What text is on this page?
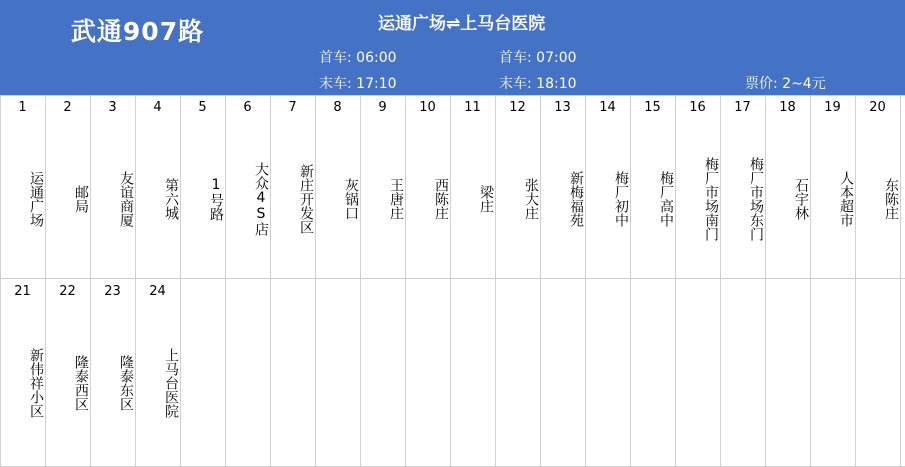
武通907路	运通广场⇌上马台医院
首车: 06:00
末车: 17:10
首车: 07:00
末车: 18:10	票价: 2~4元
1
运通广场
2
邮局
3
友谊商厦
4
第六城
5
1号路
6
大众4S店
7
新庄开发区
8
灰锅口
9
王唐庄
10
西陈庄
11
梁庄
12
张大庄
13
新梅福苑
14
梅厂初中
15
梅厂高中
16
梅厂市场南门
17
梅厂市场东门
18
石宇林
19
人本超市
20
东陈庄
21
新伟祥小区
22
隆泰西区
23
隆泰东区
24
上马台医院
